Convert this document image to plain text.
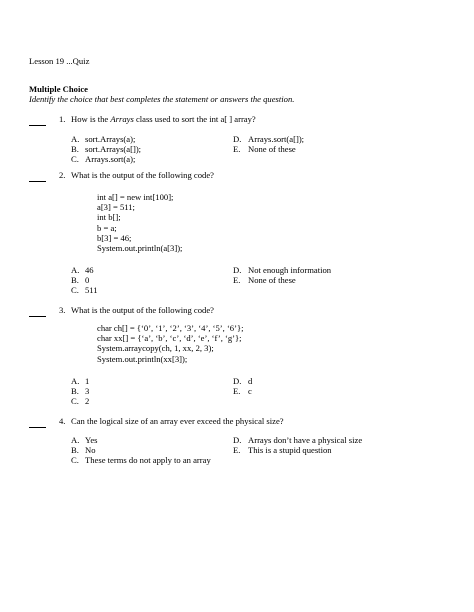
Lesson 19 ...Quiz
Multiple Choice
Identify the choice that best completes the statement or answers the question.
1. How is the Arrays class used to sort the int a[ ] array?
A. sort.Arrays(a);
B. sort.Arrays(a[]);
C. Arrays.sort(a);
D. Arrays.sort(a[]);
E. None of these
2. What is the output of the following code?
int a[] = new int[100];
a[3] = 511;
int b[];
b = a;
b[3] = 46;
System.out.println(a[3]);
A. 46
B. 0
C. 511
D. Not enough information
E. None of these
3. What is the output of the following code?
char ch[] = {‘0’, ‘1’, ‘2’, ‘3’, ‘4’, ‘5’, ‘6’};
char xx[] = {‘a’, ‘b’, ‘c’, ‘d’, ‘e’, ‘f’, ‘g’};
System.arraycopy(ch, 1, xx, 2, 3);
System.out.println(xx[3]);
A. 1
B. 3
C. 2
D. d
E. c
4. Can the logical size of an array ever exceed the physical size?
A. Yes
B. No
C. These terms do not apply to an array
D. Arrays don’t have a physical size
E. This is a stupid question
